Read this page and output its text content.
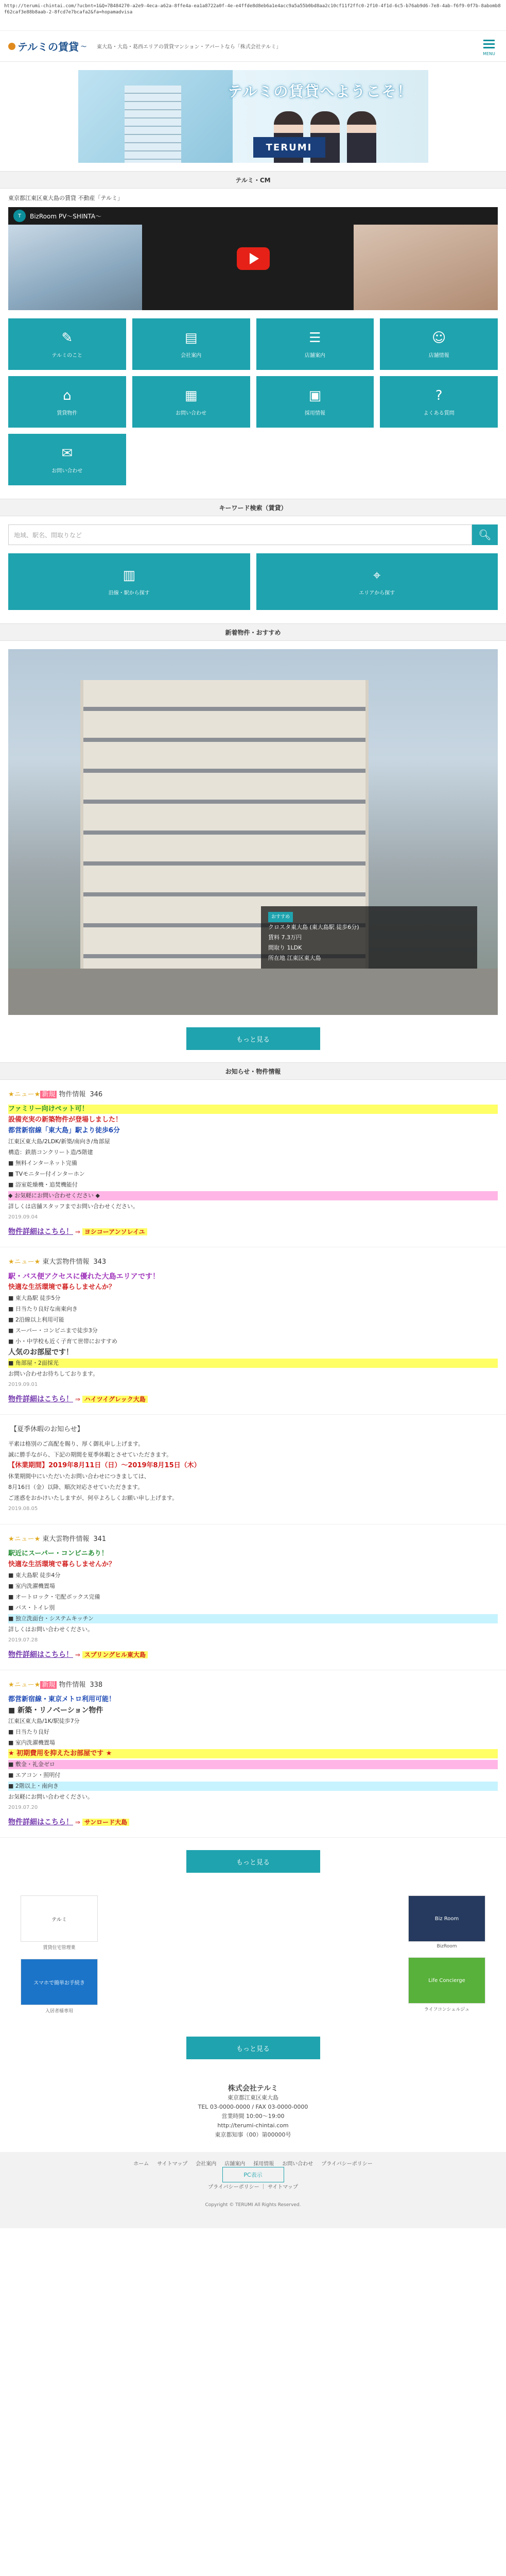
http://terumi-chintai.com/?ucbnt=1&Q=7B484270-a2e9-4eca-a62a-8ffe4a-ea1a8722a0f-4e-e4ffde8d8eb6a1e4acc9a5a55b0bd8aa2c10cf11f2ffc0-2f10-4f1d-6c5-b76ab9d6-7e8-4ab-f6f9-0f7b-8abomb8f62caf3e88b8aab-2-8fcd7e7bcafa2&fa=hopamadvisa
テルミの賃貸 〜 東大島・大島・葛西エリアの賃貸マンション・アパートなら「株式会社テルミ」
MENU
テルミの賃貸へようこそ！
TERUMI
テルミ・CM
東京都江東区東大島の賃貸 不動産「テルミ」
T	BizRoom PV〜SHINTA〜
✎
テルミのこと
▤
会社案内
☰
店舗案内
☺
店舗情報
⌂
賃貸物件
▦
お問い合わせ
▣
採用情報
?
よくある質問
✉
お問い合わせ
キーワード検索（賃貸）
地域、駅名、間取りなど	🔍︎
▥
沿線・駅から探す
⌖
エリアから探す
新着物件・おすすめ
おすすめ
クロスタ東大島 (東大島駅 徒歩6分)
賃料 7.3万円
間取り 1LDK
所在地 江東区東大島
もっと見る
お知らせ・物件情報
★ニュー★ 新規 物件情報 346
ファミリー向けペット可！
設備充実の新築物件が登場しました！
都営新宿線「東大島」駅より徒歩6分
江東区東大島/2LDK/新築/南向き/角部屋
構造：鉄筋コンクリート造/5階建
■ 無料インターネット完備
■ TVモニター付インターホン
■ 浴室乾燥機・追焚機能付
◆ お気軽にお問い合わせください ◆
詳しくは店舗スタッフまでお問い合わせください。
2019.09.04
物件詳細はこちら！ ⇒ ヨシコーアンソレイユ
★ニュー★ 東大雲物件情報 343
駅・バス便アクセスに優れた大島エリアです！
快適な生活環境で暮らしませんか？
■ 東大島駅 徒歩5分
■ 日当たり良好な南東向き
■ 2沿線以上利用可能
■ スーパー・コンビニまで徒歩3分
■ 小・中学校も近く子育て世帯におすすめ
人気のお部屋です！
■ 角部屋・2面採光
お問い合わせお待ちしております。
2019.09.01
物件詳細はこちら！ ⇒ ハイツイグレック大島
【夏季休暇のお知らせ】
平素は格別のご高配を賜り、厚く御礼申し上げます。
誠に勝手ながら、下記の期間を夏季休暇とさせていただきます。
【休業期間】2019年8月11日（日）〜2019年8月15日（木）
休業期間中にいただいたお問い合わせにつきましては、
8月16日（金）以降、順次対応させていただきます。
ご迷惑をおかけいたしますが、何卒よろしくお願い申し上げます。
2019.08.05
★ニュー★ 東大雲物件情報 341
駅近にスーパー・コンビニあり！
快適な生活環境で暮らしませんか？
■ 東大島駅 徒歩4分
■ 室内洗濯機置場
■ オートロック・宅配ボックス完備
■ バス・トイレ別
■ 独立洗面台・システムキッチン
詳しくはお問い合わせください。
2019.07.28
物件詳細はこちら！ ⇒ スプリングヒル東大島
★ニュー★ 新規 物件情報 338
都営新宿線・東京メトロ利用可能！
■ 新築・リノベーション物件
江東区東大島/1K/駅徒歩7分
■ 日当たり良好
■ 室内洗濯機置場
★ 初期費用を抑えたお部屋です ★
■ 敷金・礼金ゼロ
■ エアコン・照明付
■ 2階以上・南向き
お気軽にお問い合わせください。
2019.07.20
物件詳細はこちら！ ⇒ サンロード大島
もっと見る
テルミ
賃貸住宅管理業
スマホで簡単お手続き
入居者様専用
Biz Room
BizRoom
Life Concierge
ライフコンシェルジュ
もっと見る
株式会社テルミ
東京都江東区東大島
TEL 03-0000-0000 / FAX 03-0000-0000
営業時間 10:00〜19:00
http://terumi-chintai.com
東京都知事（00）第00000号
ホーム サイトマップ 会社案内 店舗案内 採用情報 お問い合わせ プライバシーポリシー
PC表示
プライバシーポリシー ｜ サイトマップ
Copyright © TERUMI All Rights Reserved.
